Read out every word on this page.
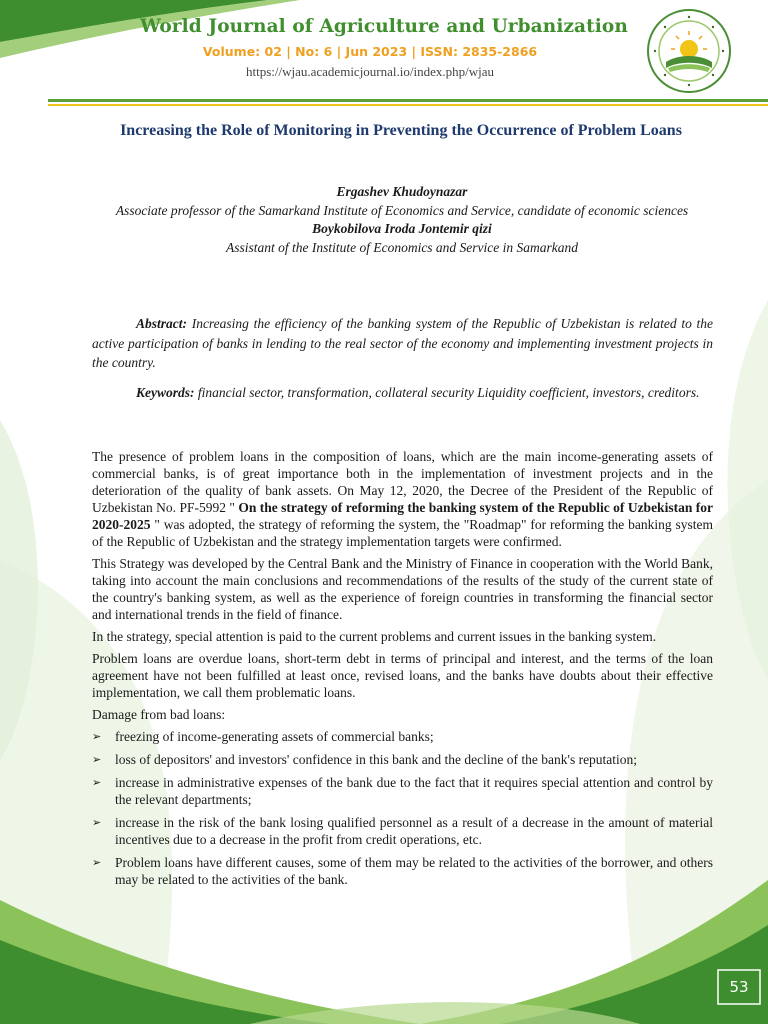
World Journal of Agriculture and Urbanization
Volume: 02 | No: 6 | Jun 2023 | ISSN: 2835-2866
https://wjau.academicjournal.io/index.php/wjau
Increasing the Role of Monitoring in Preventing the Occurrence of Problem Loans
Ergashev Khudoynazar
Associate professor of the Samarkand Institute of Economics and Service, candidate of economic sciences
Boykobilova Iroda Jontemir qizi
Assistant of the Institute of Economics and Service in Samarkand

Abstract: Increasing the efficiency of the banking system of the Republic of Uzbekistan is related to the active participation of banks in lending to the real sector of the economy and implementing investment projects in the country.

Keywords: financial sector, transformation, collateral security Liquidity coefficient, investors, creditors.

The presence of problem loans in the composition of loans, which are the main income-generating assets of commercial banks, is of great importance both in the implementation of investment projects and in the deterioration of the quality of bank assets. On May 12, 2020, the Decree of the President of the Republic of Uzbekistan No. PF-5992 " On the strategy of reforming the banking system of the Republic of Uzbekistan for 2020-2025 " was adopted, the strategy of reforming the system, the "Roadmap" for reforming the banking system of the Republic of Uzbekistan and the strategy implementation targets were confirmed.

This Strategy was developed by the Central Bank and the Ministry of Finance in cooperation with the World Bank, taking into account the main conclusions and recommendations of the results of the study of the current state of the country's banking system, as well as the experience of foreign countries in transforming the financial sector and international trends in the field of finance.

In the strategy, special attention is paid to the current problems and current issues in the banking system.

Problem loans are overdue loans, short-term debt in terms of principal and interest, and the terms of the loan agreement have not been fulfilled at least once, revised loans, and the banks have doubts about their effective implementation, we call them problematic loans.

Damage from bad loans:

➢ freezing of income-generating assets of commercial banks;
➢ loss of depositors' and investors' confidence in this bank and the decline of the bank's reputation;
➢ increase in administrative expenses of the bank due to the fact that it requires special attention and control by the relevant departments;
➢ increase in the risk of the bank losing qualified personnel as a result of a decrease in the amount of material incentives due to a decrease in the profit from credit operations, etc.
➢ Problem loans have different causes, some of them may be related to the activities of the borrower, and others may be related to the activities of the bank.
53
